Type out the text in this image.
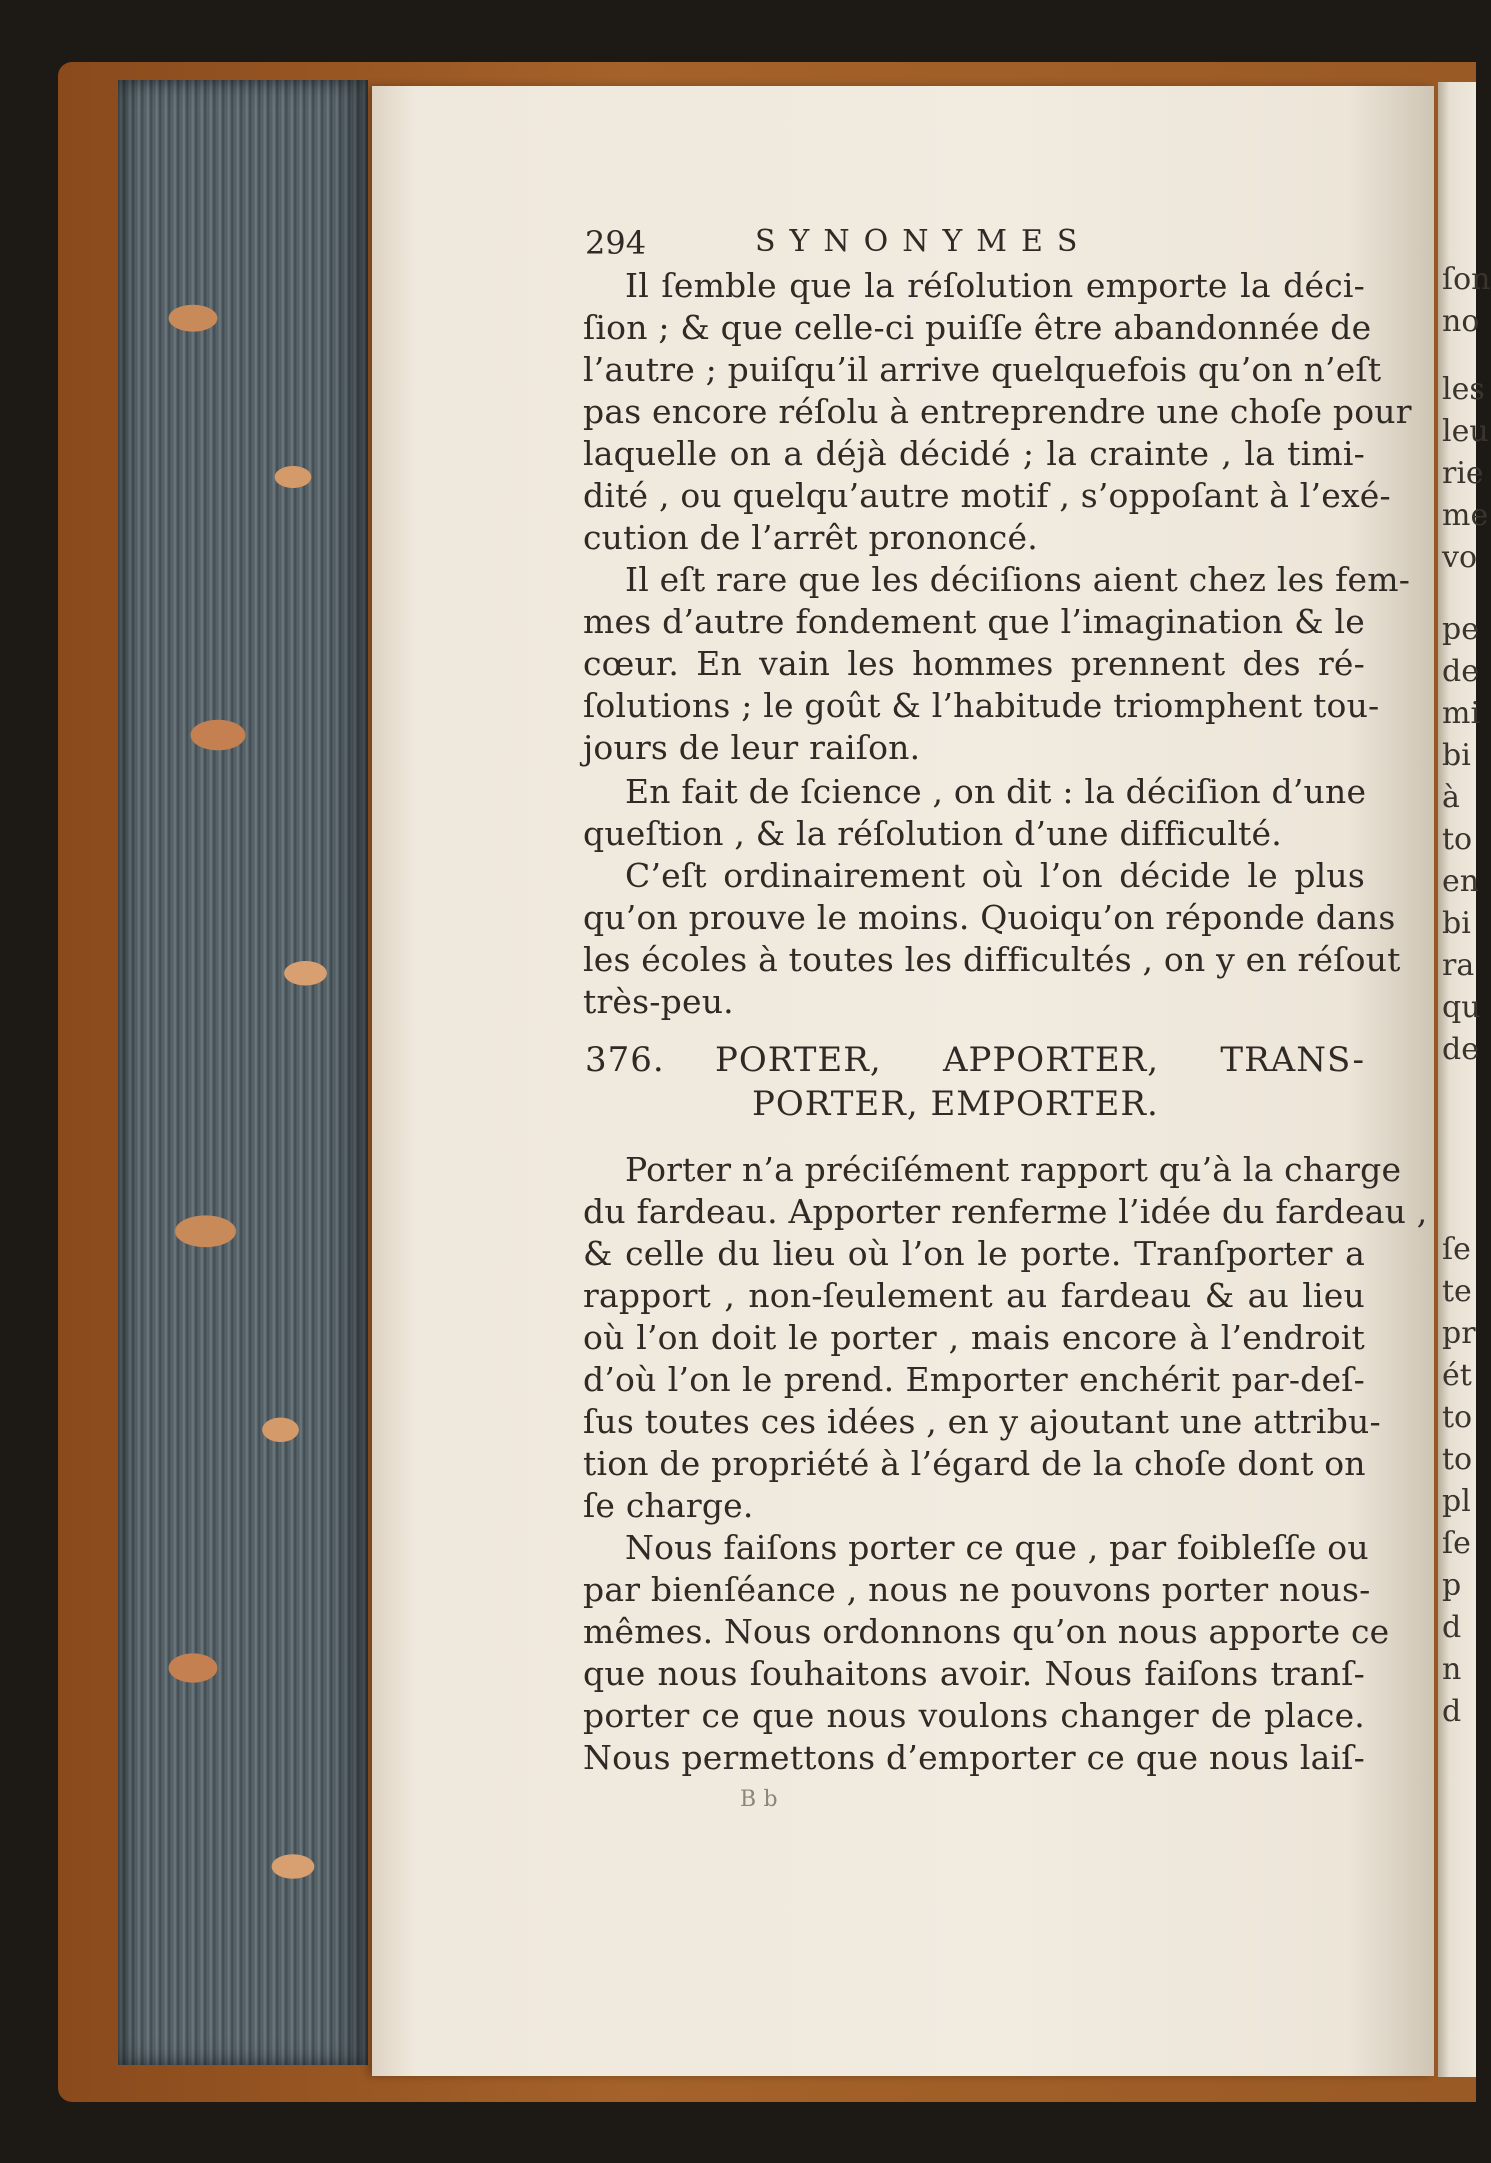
ſon
no
les
leu
rie
me
vo
pe
de
mi
bi
à
to
en
bi
ra
qu
de
ſe
te
pr
ét
to
to
pl
ſe
p
d
n
d
294	SYNONYMES
Il ſemble que la réſolution emporte la déci-
ſion ; & que celle-ci puiſſe être abandonnée de
l’autre ; puiſqu’il arrive quelquefois qu’on n’eſt
pas encore réſolu à entreprendre une choſe pour
laquelle on a déjà décidé ; la crainte , la timi-
dité , ou quelqu’autre motif , s’oppoſant à l’exé-
cution de l’arrêt prononcé.
Il eſt rare que les déciſions aient chez les fem-
mes d’autre fondement que l’imagination & le
cœur. En vain les hommes prennent des ré-
ſolutions ; le goût & l’habitude triomphent tou-
jours de leur raiſon.
En fait de ſcience , on dit : la déciſion d’une
queſtion , & la réſolution d’une difficulté.
C’eſt ordinairement où l’on décide le plus
qu’on prouve le moins. Quoiqu’on réponde dans
les écoles à toutes les difficultés , on y en réſout
très-peu.
376. PORTER, APPORTER, TRANS-
PORTER, EMPORTER.
Porter n’a préciſément rapport qu’à la charge
du fardeau. Apporter renferme l’idée du fardeau ,
& celle du lieu où l’on le porte. Tranſporter a
rapport , non-ſeulement au fardeau & au lieu
où l’on doit le porter , mais encore à l’endroit
d’où l’on le prend. Emporter enchérit par-deſ-
ſus toutes ces idées , en y ajoutant une attribu-
tion de propriété à l’égard de la choſe dont on
ſe charge.
Nous faiſons porter ce que , par foibleſſe ou
par bienſéance , nous ne pouvons porter nous-
mêmes. Nous ordonnons qu’on nous apporte ce
que nous ſouhaitons avoir. Nous faiſons tranſ-
porter ce que nous voulons changer de place.
Nous permettons d’emporter ce que nous laiſ-
B b
